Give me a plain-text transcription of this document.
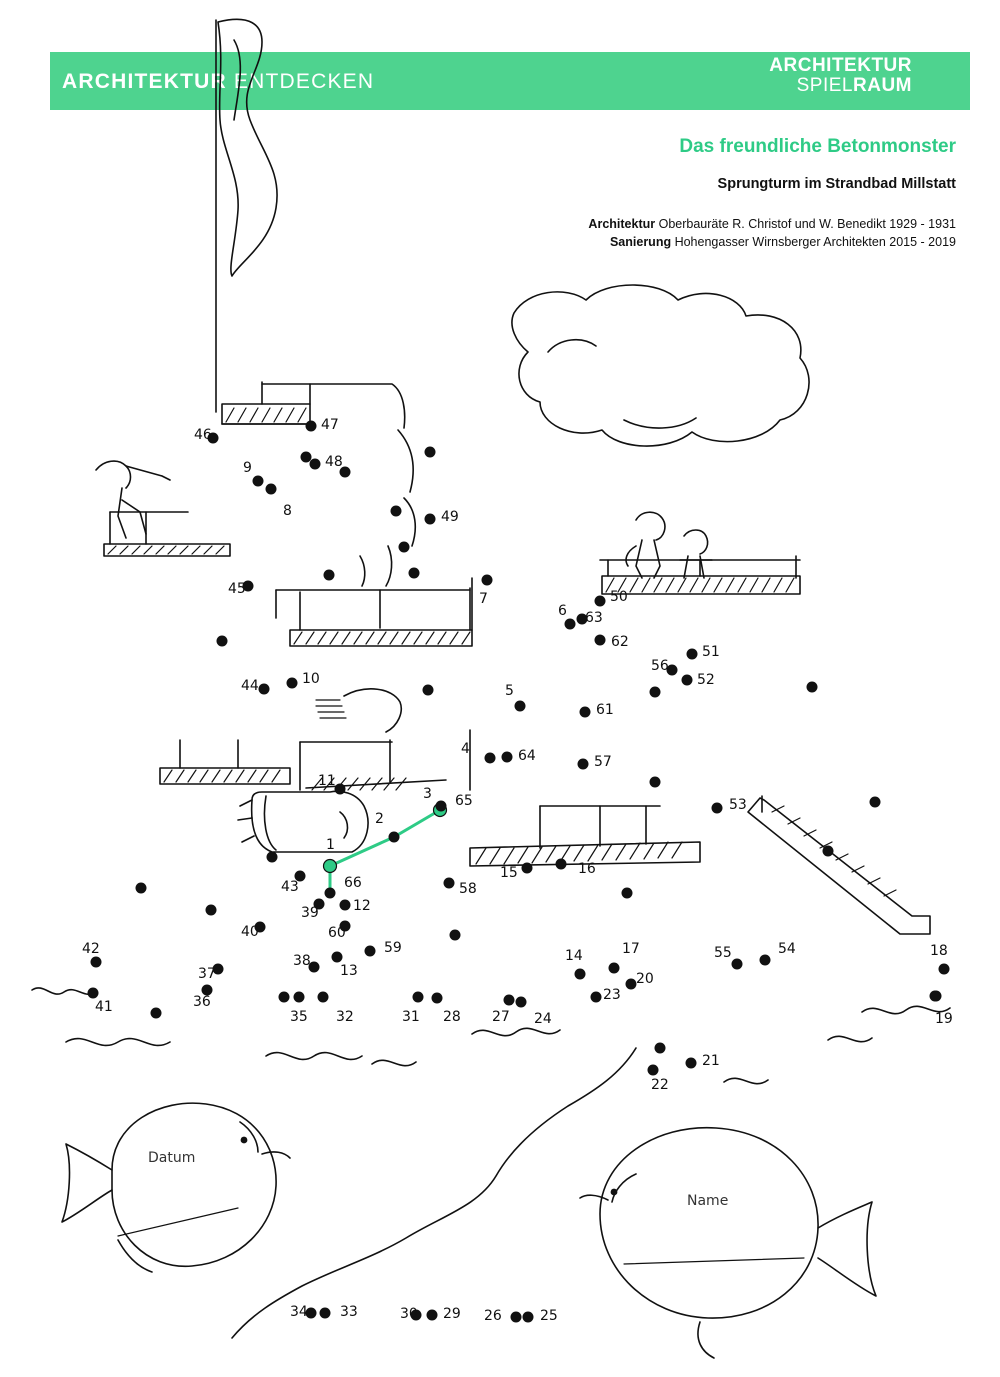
ARCHITEKTUR ENTDECKEN
ARCHITEKTUR
SPIELRAUM
Das freundliche Betonmonster
Sprungturm im Strandbad Millstatt
Architektur Oberbauräte R. Christof und W. Benedikt 1929 - 1931
Sanierung Hohengasser Wirnsberger Architekten 2015 - 2019
1
2
3
4
5
6
7
8
9
10
11
12
13
14
15	16
17	18
19
20
21
22
23
24
25
26
27
28
29
30
31
32
33
34
35
36
37
38
39
40
41
42
43
44
45
46
47
48
49
50
51
52
53
54
55
56
57
58
59
60
61
62
63
64
65
66
Datum
Name
